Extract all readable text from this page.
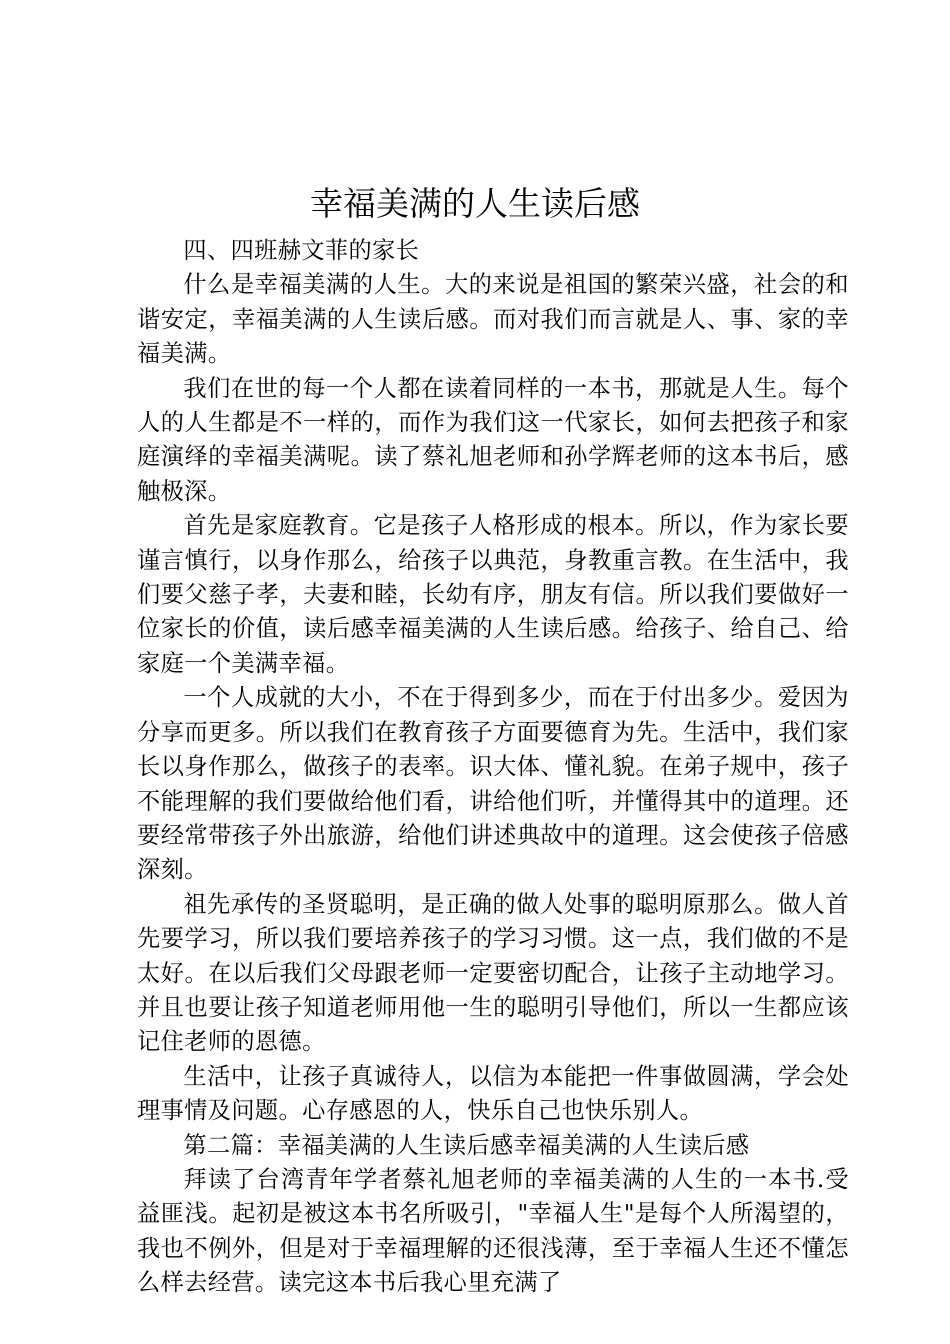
幸福美满的人生读后感

四、四班赫文菲的家长

什么是幸福美满的人生。大的来说是祖国的繁荣兴盛，社会的和谐安定，幸福美满的人生读后感。而对我们而言就是人、事、家的幸福美满。

我们在世的每一个人都在读着同样的一本书，那就是人生。每个人的人生都是不一样的，而作为我们这一代家长，如何去把孩子和家庭演绎的幸福美满呢。读了蔡礼旭老师和孙学辉老师的这本书后，感触极深。

首先是家庭教育。它是孩子人格形成的根本。所以，作为家长要谨言慎行，以身作那么，给孩子以典范，身教重言教。在生活中，我们要父慈子孝，夫妻和睦，长幼有序，朋友有信。所以我们要做好一位家长的价值，读后感幸福美满的人生读后感。给孩子、给自己、给家庭一个美满幸福。

一个人成就的大小，不在于得到多少，而在于付出多少。爱因为分享而更多。所以我们在教育孩子方面要德育为先。生活中，我们家长以身作那么，做孩子的表率。识大体、懂礼貌。在弟子规中，孩子不能理解的我们要做给他们看，讲给他们听，并懂得其中的道理。还要经常带孩子外出旅游，给他们讲述典故中的道理。这会使孩子倍感深刻。

祖先承传的圣贤聪明，是正确的做人处事的聪明原那么。做人首先要学习，所以我们要培养孩子的学习习惯。这一点，我们做的不是太好。在以后我们父母跟老师一定要密切配合，让孩子主动地学习。并且也要让孩子知道老师用他一生的聪明引导他们，所以一生都应该记住老师的恩德。

生活中，让孩子真诚待人，以信为本能把一件事做圆满，学会处理事情及问题。心存感恩的人，快乐自己也快乐别人。

第二篇：幸福美满的人生读后感幸福美满的人生读后感

拜读了台湾青年学者蔡礼旭老师的幸福美满的人生的一本书.受益匪浅。起初是被这本书名所吸引，"幸福人生"是每个人所渴望的，我也不例外，但是对于幸福理解的还很浅薄，至于幸福人生还不懂怎么样去经营。读完这本书后我心里充满了
